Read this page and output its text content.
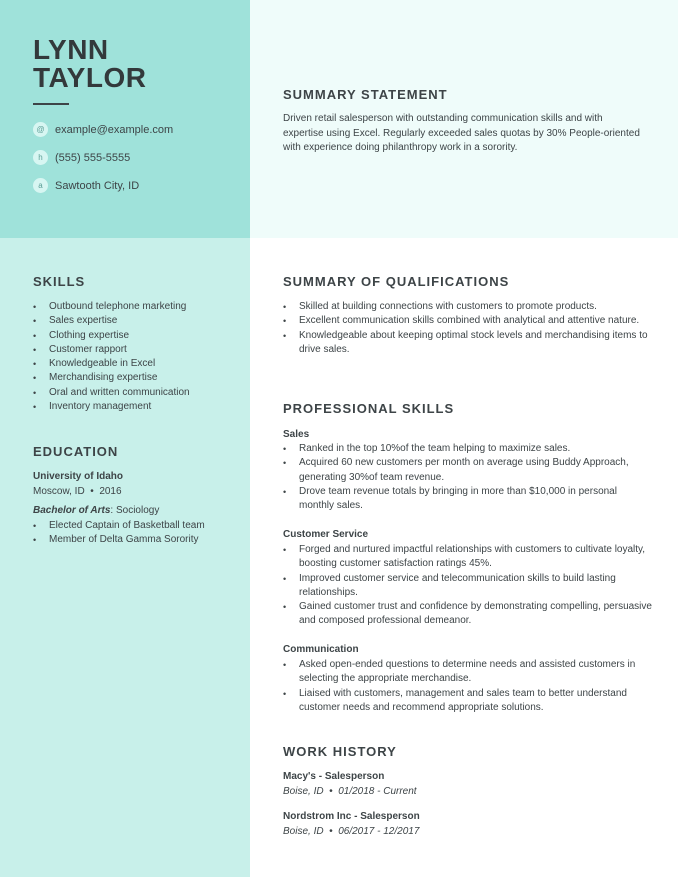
LYNN
TAYLOR
@ example@example.com
h	(555) 555-5555
a	Sawtooth City, ID
SUMMARY STATEMENT

Driven retail salesperson with outstanding communication skills and with expertise using Excel. Regularly exceeded sales quotas by 30% People-oriented with experience doing philanthropy work in a sorority.

SKILLS
• Outbound telephone marketing
• Sales expertise
• Clothing expertise
• Customer rapport
• Knowledgeable in Excel
• Merchandising expertise
• Oral and written communication
• Inventory management
EDUCATION

University of Idaho

Moscow, ID  •  2016

Bachelor of Arts: Sociology

• Elected Captain of Basketball team
• Member of Delta Gamma Sorority
SUMMARY OF QUALIFICATIONS
• Skilled at building connections with customers to promote products.
• Excellent communication skills combined with analytical and attentive nature.
• Knowledgeable about keeping optimal stock levels and merchandising items to drive sales.
PROFESSIONAL SKILLS

Sales

• Ranked in the top 10%of the team helping to maximize sales.
• Acquired 60 new customers per month on average using Buddy Approach, generating 30%of team revenue.
• Drove team revenue totals by bringing in more than $10,000 in personal monthly sales.

Customer Service

• Forged and nurtured impactful relationships with customers to cultivate loyalty, boosting customer satisfaction ratings 45%.
• Improved customer service and telecommunication skills to build lasting relationships.
• Gained customer trust and confidence by demonstrating compelling, persuasive and composed professional demeanor.

Communication

• Asked open-ended questions to determine needs and assisted customers in selecting the appropriate merchandise.
• Liaised with customers, management and sales team to better understand customer needs and recommend appropriate solutions.
WORK HISTORY

Macy's - Salesperson

Boise, ID  •  01/2018 - Current

Nordstrom Inc - Salesperson

Boise, ID  •  06/2017 - 12/2017
